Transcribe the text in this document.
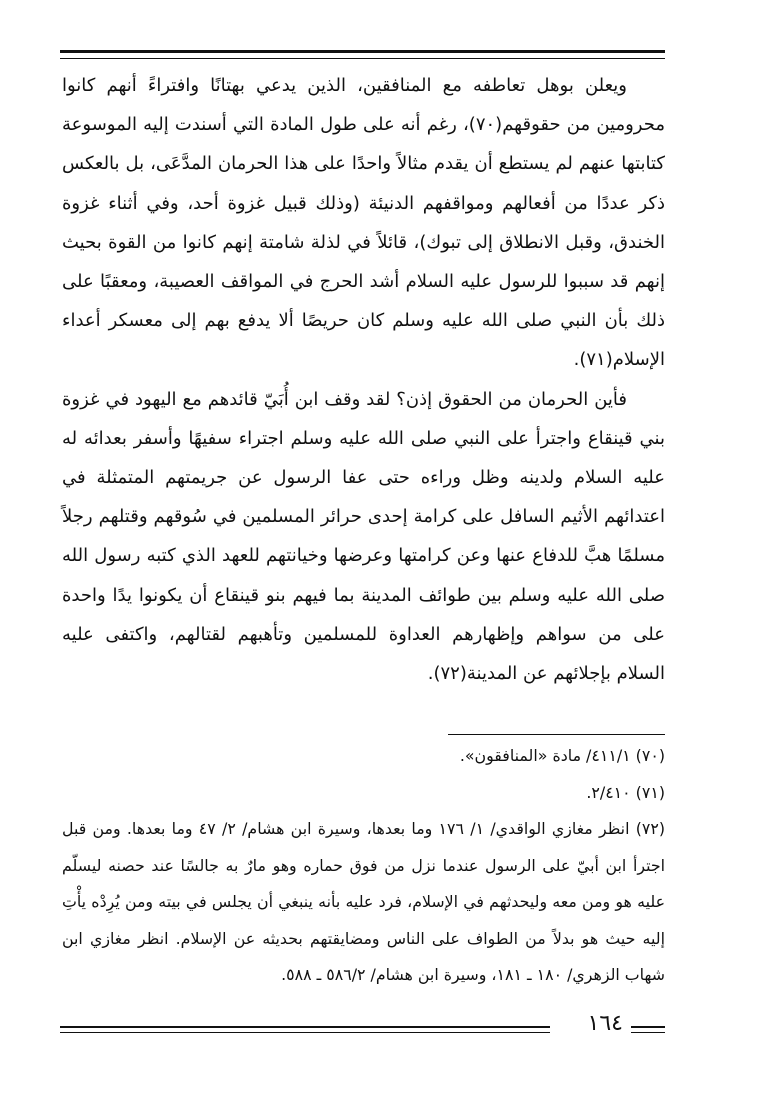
ويعلن بوهل تعاطفه مع المنافقين، الذين يدعي بهتانًا وافتراءً أنهم كانوا محرومين من حقوقهم(٧٠)، رغم أنه على طول المادة التي أسندت إليه الموسوعة كتابتها عنهم لم يستطع أن يقدم مثالاً واحدًا على هذا الحرمان المدَّعَى، بل بالعكس ذكر عددًا من أفعالهم ومواقفهم الدنيئة (وذلك قبيل غزوة أحد، وفي أثناء غزوة الخندق، وقبل الانطلاق إلى تبوك)، قائلاً في لذلة شامتة إنهم كانوا من القوة بحيث إنهم قد سببوا للرسول عليه السلام أشد الحرج في المواقف العصيبة، ومعقبًا على ذلك بأن النبي صلى الله عليه وسلم كان حريصًا ألا يدفع بهم إلى معسكر أعداء الإسلام(٧١).

فأين الحرمان من الحقوق إذن؟ لقد وقف ابن أُبَيّ قائدهم مع اليهود في غزوة بني قينقاع واجترأ على النبي صلى الله عليه وسلم اجتراء سفيهًا وأسفر بعدائه له عليه السلام ولدينه وظل وراءه حتى عفا الرسول عن جريمتهم المتمثلة في اعتدائهم الأثيم السافل على كرامة إحدى حرائر المسلمين في سُوقهم وقتلهم رجلاً مسلمًا هبَّ للدفاع عنها وعن كرامتها وعرضها وخيانتهم للعهد الذي كتبه رسول الله صلى الله عليه وسلم بين طوائف المدينة بما فيهم بنو قينقاع أن يكونوا يدًا واحدة على من سواهم وإظهارهم العداوة للمسلمين وتأهبهم لقتالهم، واكتفى عليه السلام بإجلائهم عن المدينة(٧٢).

(٧٠) ٤١١/١/ مادة «المنافقون».

(٧١) ٢/٤١٠.

(٧٢) انظر مغازي الواقدي/ ١/ ١٧٦ وما بعدها، وسيرة ابن هشام/ ٢/ ٤٧ وما بعدها. ومن قبل اجترأ ابن أبيّ على الرسول عندما نزل من فوق حماره وهو مارٌ به جالسًا عند حصنه ليسلّم عليه هو ومن معه وليحدثهم في الإسلام، فرد عليه بأنه ينبغي أن يجلس في بيته ومن يُرِدْه يأْتِ إليه حيث هو بدلاً من الطواف على الناس ومضايقتهم بحديثه عن الإسلام. انظر مغازي ابن شهاب الزهري/ ١٨٠ ـ ١٨١، وسيرة ابن هشام/ ٥٨٦/٢ ـ ٥٨٨.

١٦٤
